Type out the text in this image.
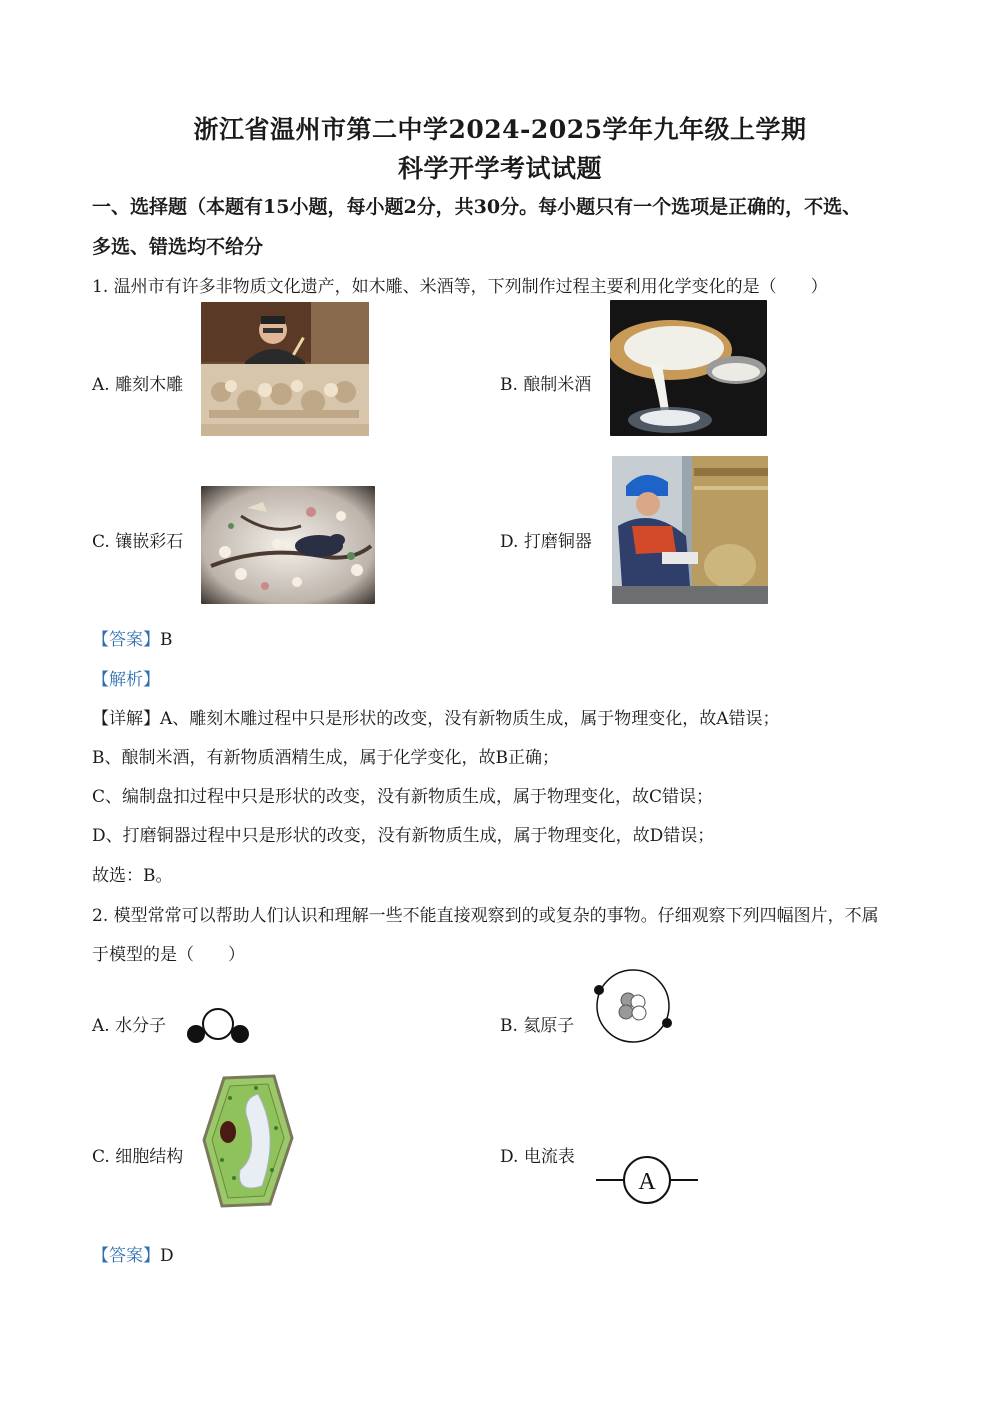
浙江省温州市第二中学2024-2025学年九年级上学期
科学开学考试试题
一、选择题（本题有15小题，每小题2分，共30分。每小题只有一个选项是正确的，不选、
多选、错选均不给分
1. 温州市有许多非物质文化遗产，如木雕、米酒等，下列制作过程主要利用化学变化的是（　　）
A. 雕刻木雕	B. 酿制米酒
C. 镶嵌彩石	D. 打磨铜器
【答案】B
【解析】
【详解】A、雕刻木雕过程中只是形状的改变，没有新物质生成，属于物理变化，故A错误；
B、酿制米酒，有新物质酒精生成，属于化学变化，故B正确；
C、编制盘扣过程中只是形状的改变，没有新物质生成，属于物理变化，故C错误；
D、打磨铜器过程中只是形状的改变，没有新物质生成，属于物理变化，故D错误；
故选：B。
2. 模型常常可以帮助人们认识和理解一些不能直接观察到的或复杂的事物。仔细观察下列四幅图片，不属
于模型的是（　　）
A. 水分子	B. 氦原子
C. 细胞结构	D. 电流表
A
【答案】D
